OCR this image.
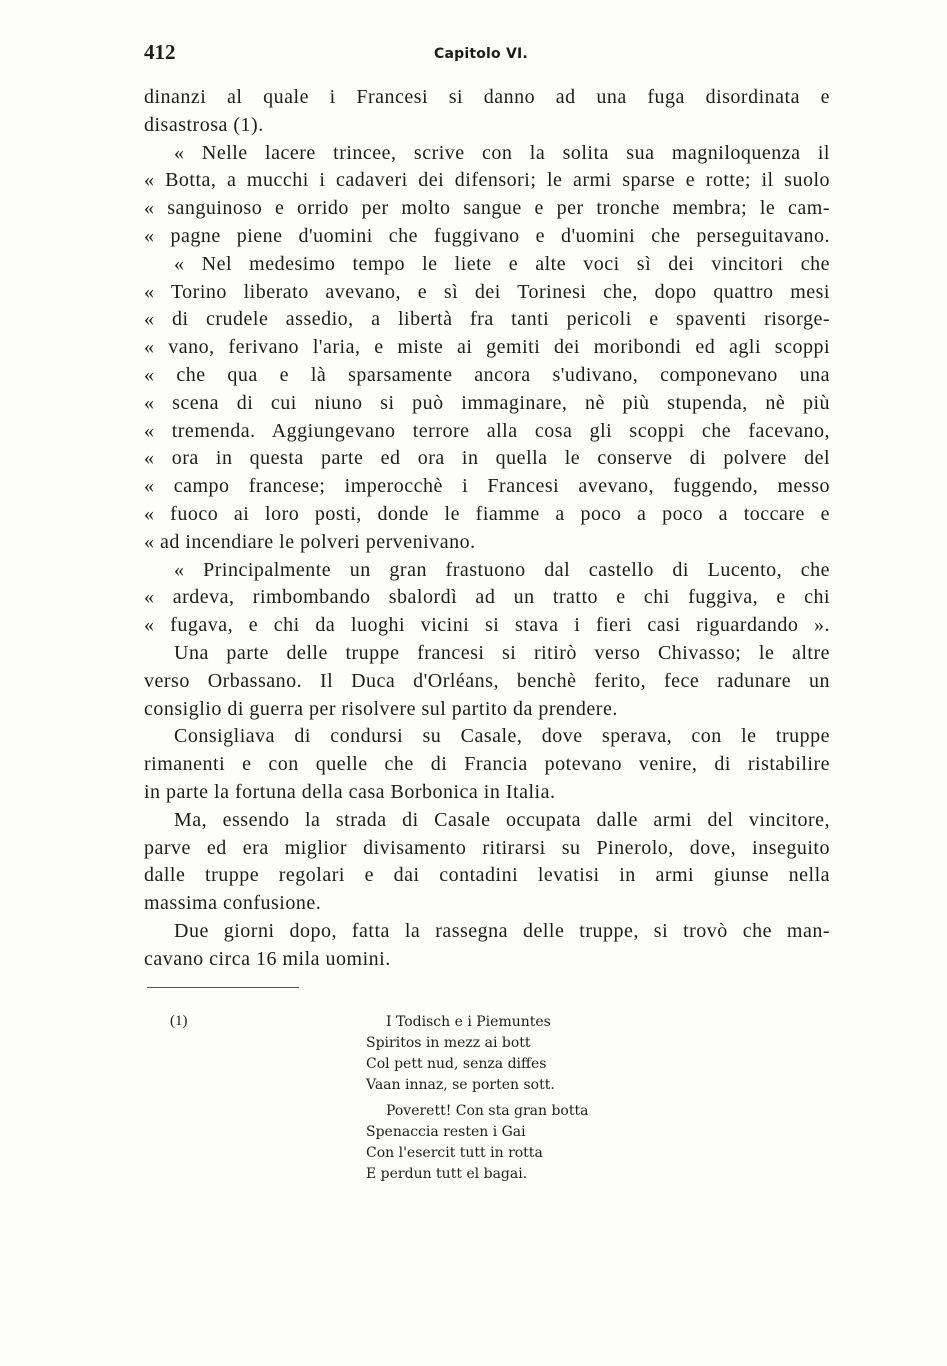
412	Capitolo VI.
dinanzi al quale i Francesi si danno ad una fuga disordinata e
disastrosa (1).
« Nelle lacere trincee, scrive con la solita sua magniloquenza il
« Botta, a mucchi i cadaveri dei difensori; le armi sparse e rotte; il suolo
« sanguinoso e orrido per molto sangue e per tronche membra; le cam-
« pagne piene d'uomini che fuggivano e d'uomini che perseguitavano.
« Nel medesimo tempo le liete e alte voci sì dei vincitori che
« Torino liberato avevano, e sì dei Torinesi che, dopo quattro mesi
« di crudele assedio, a libertà fra tanti pericoli e spaventi risorge-
« vano, ferivano l'aria, e miste ai gemiti dei moribondi ed agli scoppi
« che qua e là sparsamente ancora s'udivano, componevano una
« scena di cui niuno si può immaginare, nè più stupenda, nè più
« tremenda. Aggiungevano terrore alla cosa gli scoppi che facevano,
« ora in questa parte ed ora in quella le conserve di polvere del
« campo francese; imperocchè i Francesi avevano, fuggendo, messo
« fuoco ai loro posti, donde le fiamme a poco a poco a toccare e
« ad incendiare le polveri pervenivano.
« Principalmente un gran frastuono dal castello di Lucento, che
« ardeva, rimbombando sbalordì ad un tratto e chi fuggiva, e chi
« fugava, e chi da luoghi vicini si stava i fieri casi riguardando ».
Una parte delle truppe francesi si ritirò verso Chivasso; le altre
verso Orbassano. Il Duca d'Orléans, benchè ferito, fece radunare un
consiglio di guerra per risolvere sul partito da prendere.
Consigliava di condursi su Casale, dove sperava, con le truppe
rimanenti e con quelle che di Francia potevano venire, di ristabilire
in parte la fortuna della casa Borbonica in Italia.
Ma, essendo la strada di Casale occupata dalle armi del vincitore,
parve ed era miglior divisamento ritirarsi su Pinerolo, dove, inseguito
dalle truppe regolari e dai contadini levatisi in armi giunse nella
massima confusione.
Due giorni dopo, fatta la rassegna delle truppe, si trovò che man-
cavano circa 16 mila uomini.
(1)	I Todisch e i Piemuntes
Spiritos in mezz ai bott
Col pett nud, senza diffes
Vaan innaz, se porten sott.
Poverett! Con sta gran botta
Spenaccia resten i Gai
Con l'esercit tutt in rotta
E perdun tutt el bagai.
